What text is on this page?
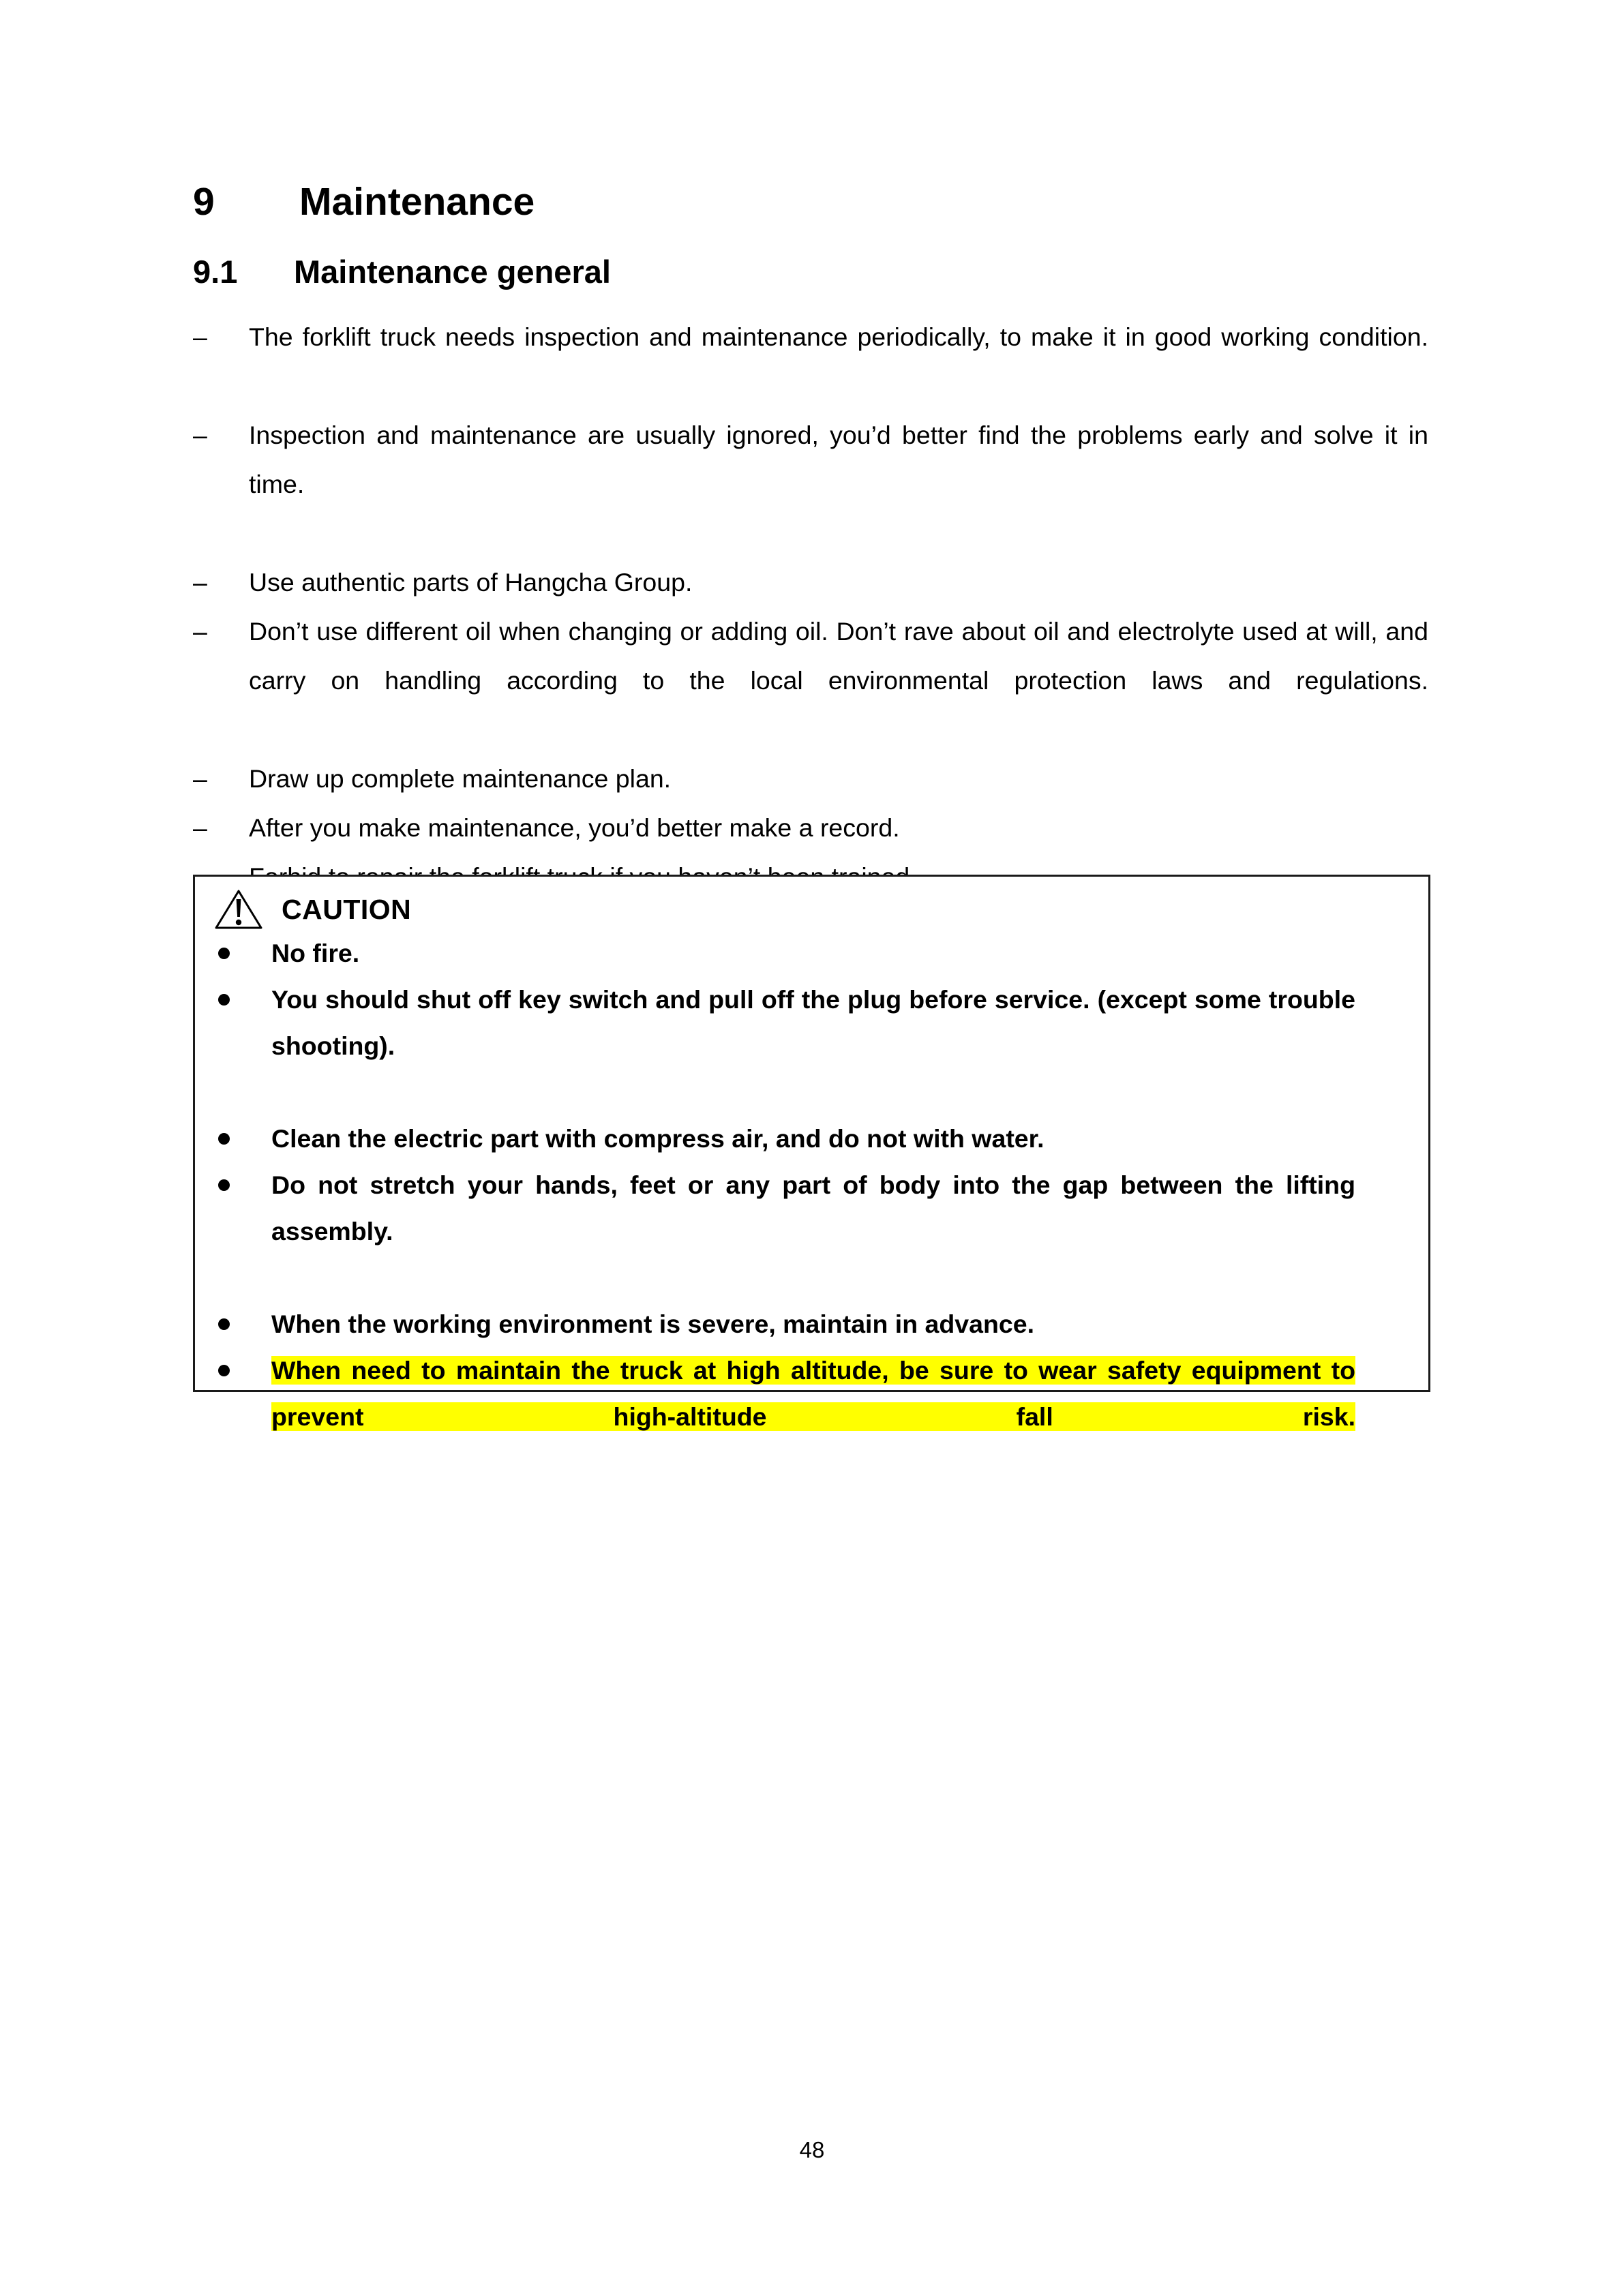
9 Maintenance
9.1 Maintenance general
– The forklift truck needs inspection and maintenance periodically, to make it in good working condition.
– Inspection and maintenance are usually ignored, you’d better find the problems early and solve it in time.
– Use authentic parts of Hangcha Group.
– Don’t use different oil when changing or adding oil. Don’t rave about oil and electrolyte used at will, and carry on handling according to the local environmental protection laws and regulations.
– Draw up complete maintenance plan.
– After you make maintenance, you’d better make a record.
CAUTION
No fire.
You should shut off key switch and pull off the plug before service. (except some trouble shooting).
Clean the electric part with compress air, and do not with water.
Do not stretch your hands, feet or any part of body into the gap between the lifting assembly.
When the working environment is severe, maintain in advance.
When need to maintain the truck at high altitude, be sure to wear safety equipment to prevent high-altitude fall risk.
48
